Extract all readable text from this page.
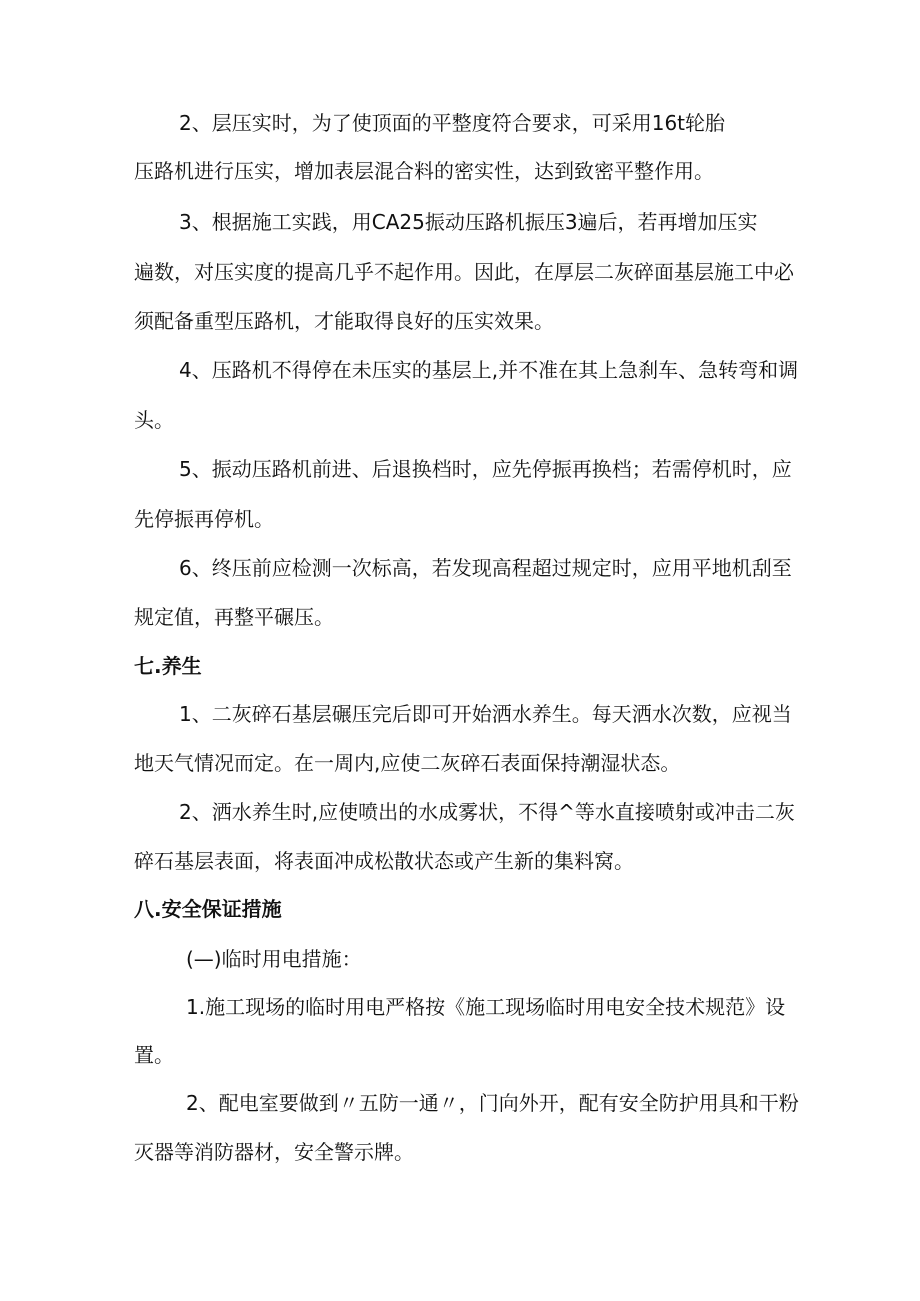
2、层压实时，为了使顶面的平整度符合要求，可采用16t轮胎
压路机进行压实，增加表层混合料的密实性，达到致密平整作用。
3、根据施工实践，用CA25振动压路机振压3遍后，若再增加压实
遍数，对压实度的提高几乎不起作用。因此，在厚层二灰碎面基层施工中必
须配备重型压路机，才能取得良好的压实效果。
4、压路机不得停在未压实的基层上,并不准在其上急刹车、急转弯和调
头。
5、振动压路机前进、后退换档时，应先停振再换档；若需停机时，应
先停振再停机。
6、终压前应检测一次标高，若发现高程超过规定时，应用平地机刮至
规定值，再整平碾压。
七.养生
1、二灰碎石基层碾压完后即可开始洒水养生。每天洒水次数，应视当
地天气情况而定。在一周内,应使二灰碎石表面保持潮湿状态。
2、洒水养生时,应使喷出的水成雾状，不得^等水直接喷射或冲击二灰
碎石基层表面，将表面冲成松散状态或产生新的集料窝。
八.安全保证措施
(—)临时用电措施：
1.施工现场的临时用电严格按《施工现场临时用电安全技术规范》设
置。
2、配电室要做到〃五防一通〃，门向外开，配有安全防护用具和干粉
灭器等消防器材，安全警示牌。
